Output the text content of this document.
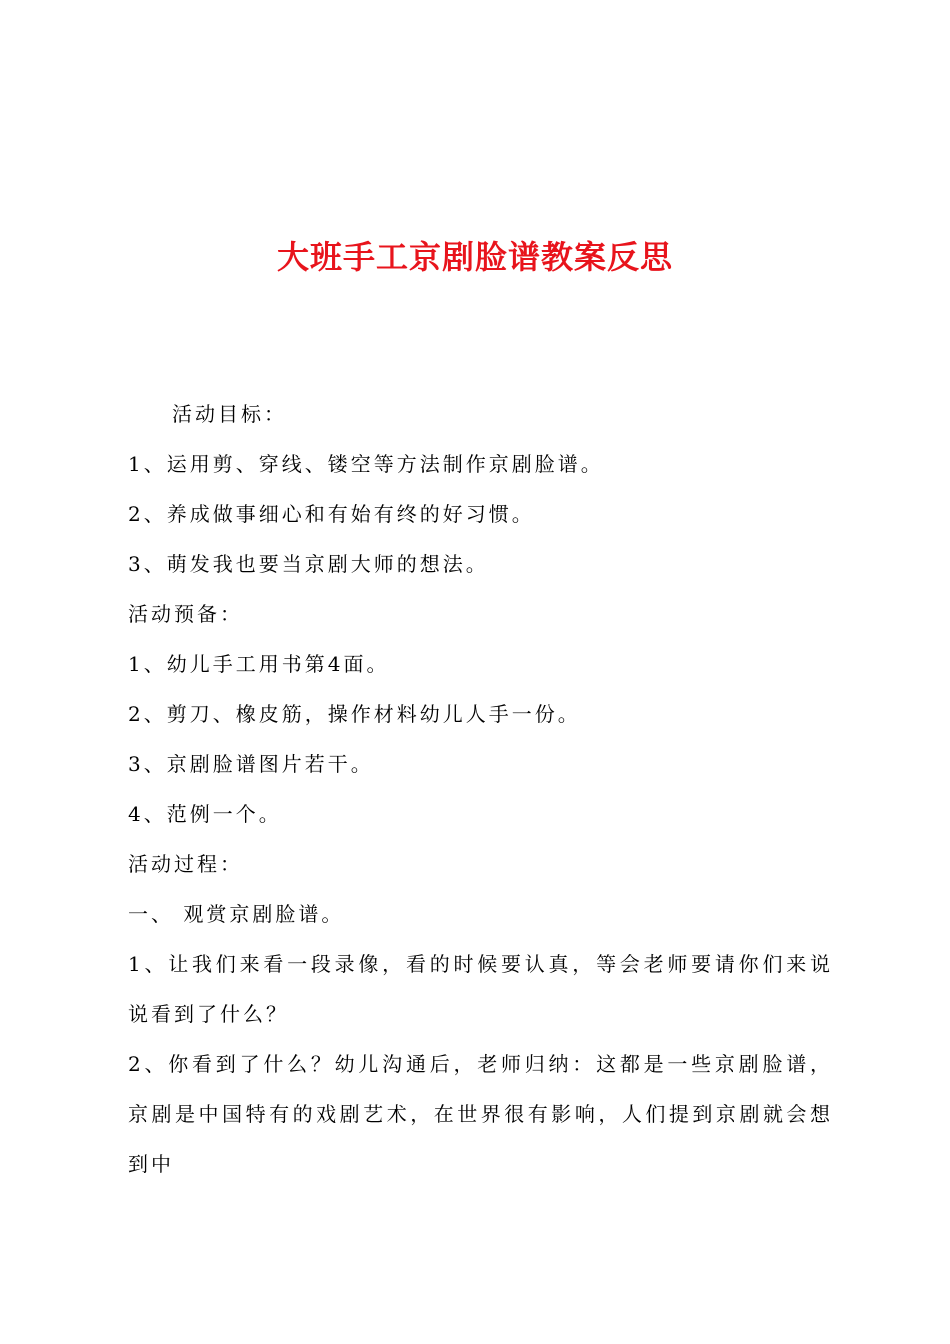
大班手工京剧脸谱教案反思

活动目标：

1、运用剪、穿线、镂空等方法制作京剧脸谱。

2、养成做事细心和有始有终的好习惯。

3、萌发我也要当京剧大师的想法。

活动预备：

1、幼儿手工用书第4面。

2、剪刀、橡皮筋，操作材料幼儿人手一份。

3、京剧脸谱图片若干。

4、范例一个。

活动过程：

一、 观赏京剧脸谱。

1、让我们来看一段录像，看的时候要认真，等会老师要请你们来说说看到了什么？

2、你看到了什么？幼儿沟通后，老师归纳：这都是一些京剧脸谱，京剧是中国特有的戏剧艺术，在世界很有影响，人们提到京剧就会想到中
